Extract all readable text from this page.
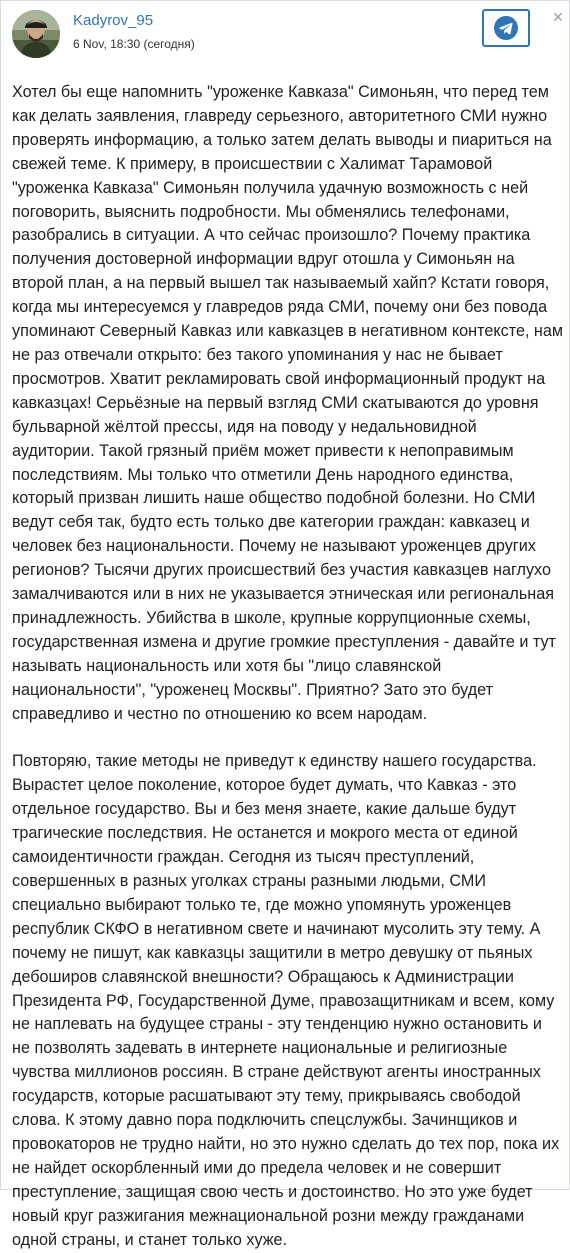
Kadyrov_95
6 Nov, 18:30 (сегодня)
✕

Хотел бы еще напомнить "уроженке Кавказа" Симоньян, что перед тем как делать заявления, главреду серьезного, авторитетного СМИ нужно проверять информацию, а только затем делать выводы и пиариться на свежей теме. К примеру, в происшествии с Халимат Тарамовой "уроженка Кавказа" Симоньян получила удачную возможность с ней поговорить, выяснить подробности. Мы обменялись телефонами, разобрались в ситуации. А что сейчас произошло? Почему практика получения достоверной информации вдруг отошла у Симоньян на второй план, а на первый вышел так называемый хайп? Кстати говоря, когда мы интересуемся у главредов ряда СМИ, почему они без повода упоминают Северный Кавказ или кавказцев в негативном контексте, нам не раз отвечали открыто: без такого упоминания у нас не бывает просмотров. Хватит рекламировать свой информационный продукт на кавказцах! Серьёзные на первый взгляд СМИ скатываются до уровня бульварной жёлтой прессы, идя на поводу у недальновидной аудитории. Такой грязный приём может привести к непоправимым последствиям. Мы только что отметили День народного единства, который призван лишить наше общество подобной болезни. Но СМИ ведут себя так, будто есть только две категории граждан: кавказец и человек без национальности. Почему не называют уроженцев других регионов? Тысячи других происшествий без участия кавказцев наглухо замалчиваются или в них не указывается этническая или региональная принадлежность. Убийства в школе, крупные коррупционные схемы, государственная измена и другие громкие преступления - давайте и тут называть национальность или хотя бы "лицо славянской национальности", "уроженец Москвы". Приятно? Зато это будет справедливо и честно по отношению ко всем народам.

Повторяю, такие методы не приведут к единству нашего государства. Вырастет целое поколение, которое будет думать, что Кавказ - это отдельное государство. Вы и без меня знаете, какие дальше будут трагические последствия. Не останется и мокрого места от единой самоидентичности граждан. Сегодня из тысяч преступлений, совершенных в разных уголках страны разными людьми, СМИ специально выбирают только те, где можно упомянуть уроженцев республик СКФО в негативном свете и начинают мусолить эту тему. А почему не пишут, как кавказцы защитили в метро девушку от пьяных дебоширов славянской внешности? Обращаюсь к Администрации Президента РФ, Государственной Думе, правозащитникам и всем, кому не наплевать на будущее страны - эту тенденцию нужно остановить и не позволять задевать в интернете национальные и религиозные чувства миллионов россиян. В стране действуют агенты иностранных государств, которые расшатывают эту тему, прикрываясь свободой слова. К этому давно пора подключить спецслужбы. Зачинщиков и провокаторов не трудно найти, но это нужно сделать до тех пор, пока их не найдет оскорбленный ими до предела человек и не совершит преступление, защищая свою честь и достоинство. Но это уже будет новый круг разжигания межнациональной розни между гражданами одной страны, и станет только хуже.
